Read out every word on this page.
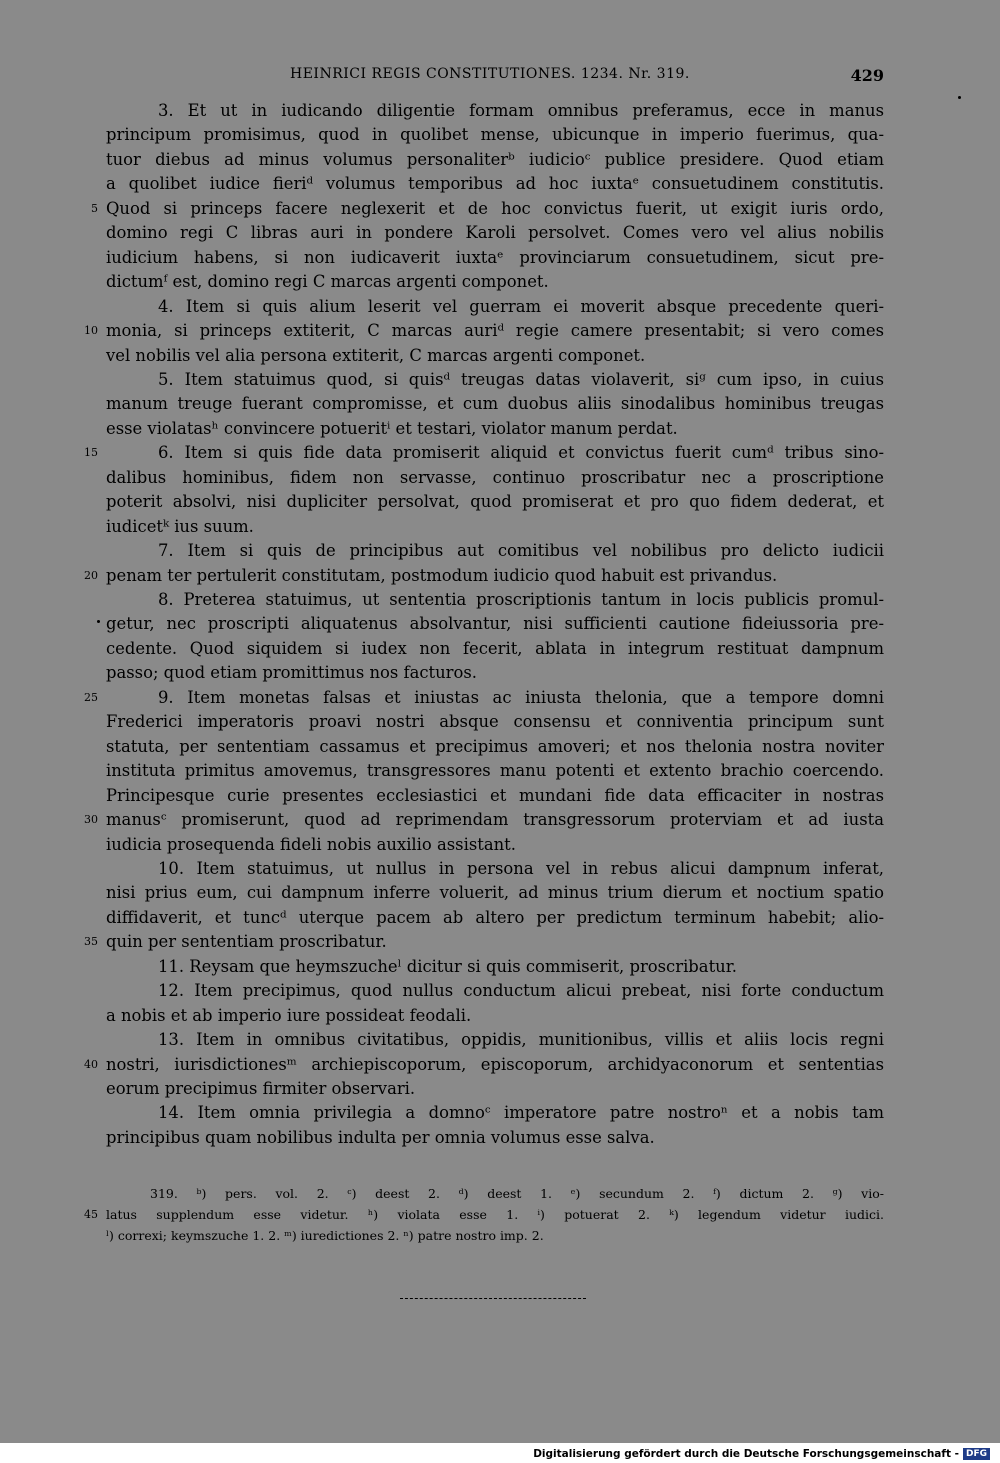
HEINRICI REGIS CONSTITUTIONES. 1234. Nr. 319.	429
3. Et ut in iudicando diligentie formam omnibus preferamus, ecce in manus
principum promisimus, quod in quolibet mense, ubicunque in imperio fuerimus, qua-
tuor diebus ad minus volumus personaliterᵇ iudicioᶜ publice presidere. Quod etiam
a quolibet iudice fieriᵈ volumus temporibus ad hoc iuxtaᵉ consuetudinem constitutis.
Quod si princeps facere neglexerit et de hoc convictus fuerit, ut exigit iuris ordo,
5
domino regi C libras auri in pondere Karoli persolvet. Comes vero vel alius nobilis
iudicium habens, si non iudicaverit iuxtaᵉ provinciarum consuetudinem, sicut pre-
dictumᶠ est, domino regi C marcas argenti componet.
4. Item si quis alium leserit vel guerram ei moverit absque precedente queri-
monia, si princeps extiterit, C marcas auriᵈ regie camere presentabit; si vero comes
10
vel nobilis vel alia persona extiterit, C marcas argenti componet.
5. Item statuimus quod, si quisᵈ treugas datas violaverit, siᵍ cum ipso, in cuius
manum treuge fuerant compromisse, et cum duobus aliis sinodalibus hominibus treugas
esse violatasʰ convincere potueritⁱ et testari, violator manum perdat.
6. Item si quis fide data promiserit aliquid et convictus fuerit cumᵈ tribus sino-
15
dalibus hominibus, fidem non servasse, continuo proscribatur nec a proscriptione
poterit absolvi, nisi dupliciter persolvat, quod promiserat et pro quo fidem dederat, et
iudicetᵏ ius suum.
7. Item si quis de principibus aut comitibus vel nobilibus pro delicto iudicii
penam ter pertulerit constitutam, postmodum iudicio quod habuit est privandus.
20
8. Preterea statuimus, ut sententia proscriptionis tantum in locis publicis promul-
getur, nec proscripti aliquatenus absolvantur, nisi sufficienti cautione fideiussoria pre-
cedente. Quod siquidem si iudex non fecerit, ablata in integrum restituat dampnum
passo; quod etiam promittimus nos facturos.
9. Item monetas falsas et iniustas ac iniusta thelonia, que a tempore domni
25
Frederici imperatoris proavi nostri absque consensu et conniventia principum sunt
statuta, per sententiam cassamus et precipimus amoveri; et nos thelonia nostra noviter
instituta primitus amovemus, transgressores manu potenti et extento brachio coercendo.
Principesque curie presentes ecclesiastici et mundani fide data efficaciter in nostras
manusᶜ promiserunt, quod ad reprimendam transgressorum proterviam et ad iusta
30
iudicia prosequenda fideli nobis auxilio assistant.
10. Item statuimus, ut nullus in persona vel in rebus alicui dampnum inferat,
nisi prius eum, cui dampnum inferre voluerit, ad minus trium dierum et noctium spatio
diffidaverit, et tuncᵈ uterque pacem ab altero per predictum terminum habebit; alio-
quin per sententiam proscribatur.
35
11. Reysam que heymszucheˡ dicitur si quis commiserit, proscribatur.
12. Item precipimus, quod nullus conductum alicui prebeat, nisi forte conductum
a nobis et ab imperio iure possideat feodali.
13. Item in omnibus civitatibus, oppidis, munitionibus, villis et aliis locis regni
nostri, iurisdictionesᵐ archiepiscoporum, episcoporum, archidyaconorum et sententias
40
eorum precipimus firmiter observari.
14. Item omnia privilegia a domnoᶜ imperatore patre nostroⁿ et a nobis tam
principibus quam nobilibus indulta per omnia volumus esse salva.
319. ᵇ) pers. vol. 2. ᶜ) deest 2. ᵈ) deest 1. ᵉ) secundum 2. ᶠ) dictum 2. ᵍ) vio-
latus supplendum esse videtur. ʰ) violata esse 1. ⁱ) potuerat 2. ᵏ) legendum videtur iudici.
45
ˡ) correxi; keymszuche 1. 2. ᵐ) iuredictiones 2. ⁿ) patre nostro imp. 2.
Digitalisierung gefördert durch die Deutsche Forschungsgemeinschaft - DFG
